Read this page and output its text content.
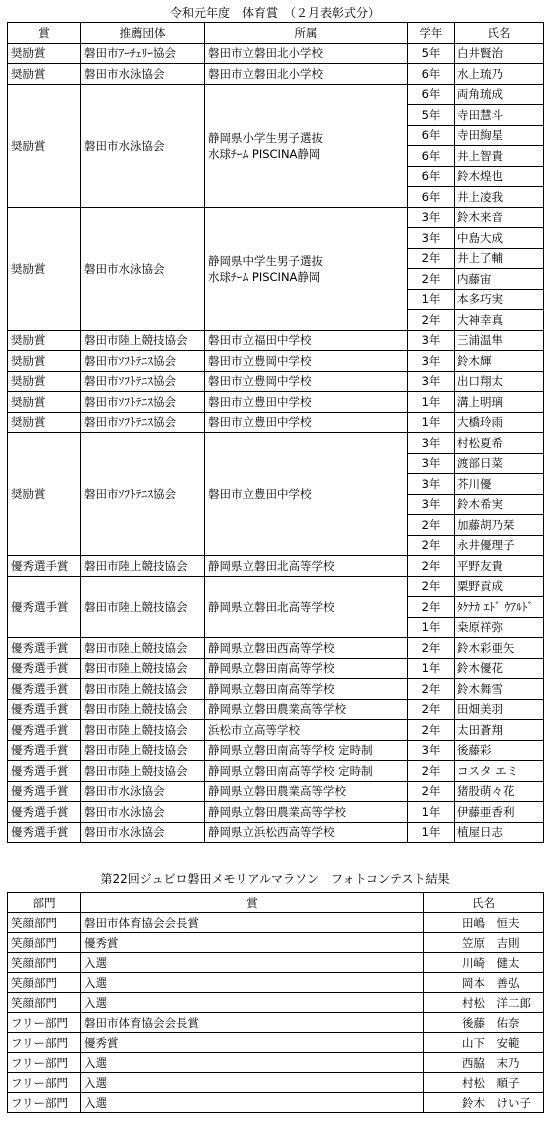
令和元年度　体育賞　（２月表彰式分）
賞	推薦団体	所属	学年	氏名
奨励賞	磐田市ｱｰﾁｪﾘｰ協会	磐田市立磐田北小学校	5年	白井賢治
奨励賞	磐田市水泳協会	磐田市立磐田北小学校	6年	水上琉乃
奨励賞	磐田市水泳協会	静岡県小学生男子選抜
水球ﾁｰﾑ PISCINA静岡	6年	両角琉成
			5年	寺田慧斗
			6年	寺田絢星
			6年	井上智貴
			6年	鈴木煌也
			6年	井上凌我
奨励賞	磐田市水泳協会	静岡県中学生男子選抜
水球ﾁｰﾑ PISCINA静岡	3年	鈴木来音
			3年	中島大成
			2年	井上了輔
			2年	内藤宙
			1年	本多巧実
			2年	大神幸真
奨励賞	磐田市陸上競技協会	磐田市立福田中学校	3年	三浦温隼
奨励賞	磐田市ｿﾌﾄﾃﾆｽ協会	磐田市立豊岡中学校	3年	鈴木輝
奨励賞	磐田市ｿﾌﾄﾃﾆｽ協会	磐田市立豊岡中学校	3年	出口翔太
奨励賞	磐田市ｿﾌﾄﾃﾆｽ協会	磐田市立豊田中学校	1年	溝上明璃
奨励賞	磐田市ｿﾌﾄﾃﾆｽ協会	磐田市立豊田中学校	1年	大橋玲雨
奨励賞	磐田市ｿﾌﾄﾃﾆｽ協会	磐田市立豊田中学校	3年	村松夏希
			3年	渡部日菜
			3年	芥川優
			3年	鈴木希実
			2年	加藤胡乃栞
			2年	永井優理子
優秀選手賞	磐田市陸上競技協会	静岡県立磐田北高等学校	2年	平野友貴
優秀選手賞	磐田市陸上競技協会	静岡県立磐田北高等学校	2年	粟野貢成
			2年	ﾀｹﾅｶ ｴﾄﾞ ｳｱﾙﾄﾞ
			1年	桒原祥弥
優秀選手賞	磐田市陸上競技協会	静岡県立磐田西高等学校	2年	鈴木彩亜矢
優秀選手賞	磐田市陸上競技協会	静岡県立磐田南高等学校	1年	鈴木優花
優秀選手賞	磐田市陸上競技協会	静岡県立磐田南高等学校	2年	鈴木舞雪
優秀選手賞	磐田市陸上競技協会	静岡県立磐田農業高等学校	2年	田畑美羽
優秀選手賞	磐田市陸上競技協会	浜松市立高等学校	2年	太田蒼翔
優秀選手賞	磐田市陸上競技協会	静岡県立磐田南高等学校 定時制	3年	後藤彩
優秀選手賞	磐田市陸上競技協会	静岡県立磐田南高等学校 定時制	2年	コスタ エミ
優秀選手賞	磐田市水泳協会	静岡県立磐田農業高等学校	2年	猪股萌々花
優秀選手賞	磐田市水泳協会	静岡県立磐田農業高等学校	1年	伊藤亜香利
優秀選手賞	磐田市水泳協会	静岡県立浜松西高等学校	1年	植屋日志
第22回ジュビロ磐田メモリアルマラソン　フォトコンテスト結果
部門	賞	氏名
笑顔部門	磐田市体育協会会長賞	田嶋　恒夫
笑顔部門	優秀賞	笠原　吉則
笑顔部門	入選	川崎　健太
笑顔部門	入選	岡本　善弘
笑顔部門	入選	村松　洋二郎
フリー部門	磐田市体育協会会長賞	後藤　佑奈
フリー部門	優秀賞	山下　安範
フリー部門	入選	西脇　末乃
フリー部門	入選	村松　順子
フリー部門	入選	鈴木　けい子
